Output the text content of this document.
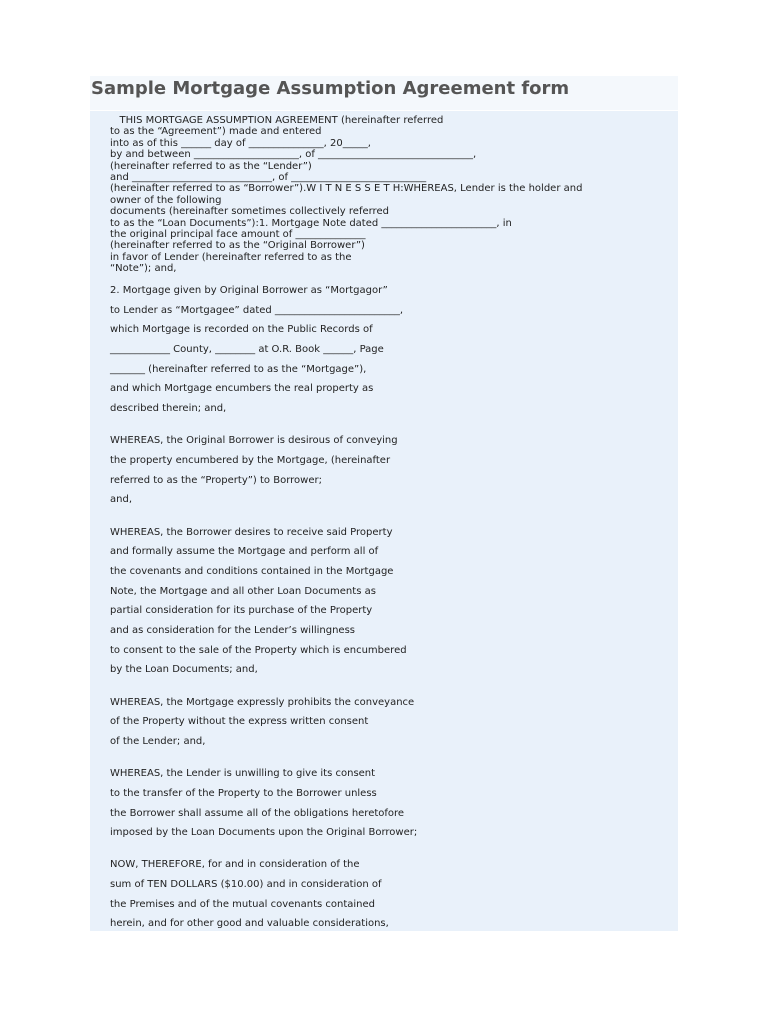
Sample Mortgage Assumption Agreement form
THIS MORTGAGE ASSUMPTION AGREEMENT (hereinafter referred
to as the “Agreement”) made and entered
into as of this ______ day of _______________, 20_____,
by and between _____________________, of _______________________________,
(hereinafter referred to as the “Lender”)
and ____________________________, of ___________________________
(hereinafter referred to as “Borrower”).W I T N E S S E T H:WHEREAS, Lender is the holder and
owner of the following
documents (hereinafter sometimes collectively referred
to as the “Loan Documents”):1. Mortgage Note dated _______________________, in
the original principal face amount of ______________
(hereinafter referred to as the “Original Borrower”)
in favor of Lender (hereinafter referred to as the
“Note”); and,
2. Mortgage given by Original Borrower as “Mortgagor”
to Lender as “Mortgagee” dated _________________________,
which Mortgage is recorded on the Public Records of
____________ County, ________ at O.R. Book ______, Page
_______ (hereinafter referred to as the “Mortgage”),
and which Mortgage encumbers the real property as
described therein; and,
WHEREAS, the Original Borrower is desirous of conveying
the property encumbered by the Mortgage, (hereinafter
referred to as the “Property”) to Borrower;
and,
WHEREAS, the Borrower desires to receive said Property
and formally assume the Mortgage and perform all of
the covenants and conditions contained in the Mortgage
Note, the Mortgage and all other Loan Documents as
partial consideration for its purchase of the Property
and as consideration for the Lender’s willingness
to consent to the sale of the Property which is encumbered
by the Loan Documents; and,
WHEREAS, the Mortgage expressly prohibits the conveyance
of the Property without the express written consent
of the Lender; and,
WHEREAS, the Lender is unwilling to give its consent
to the transfer of the Property to the Borrower unless
the Borrower shall assume all of the obligations heretofore
imposed by the Loan Documents upon the Original Borrower;
NOW, THEREFORE, for and in consideration of the
sum of TEN DOLLARS ($10.00) and in consideration of
the Premises and of the mutual covenants contained
herein, and for other good and valuable considerations,
